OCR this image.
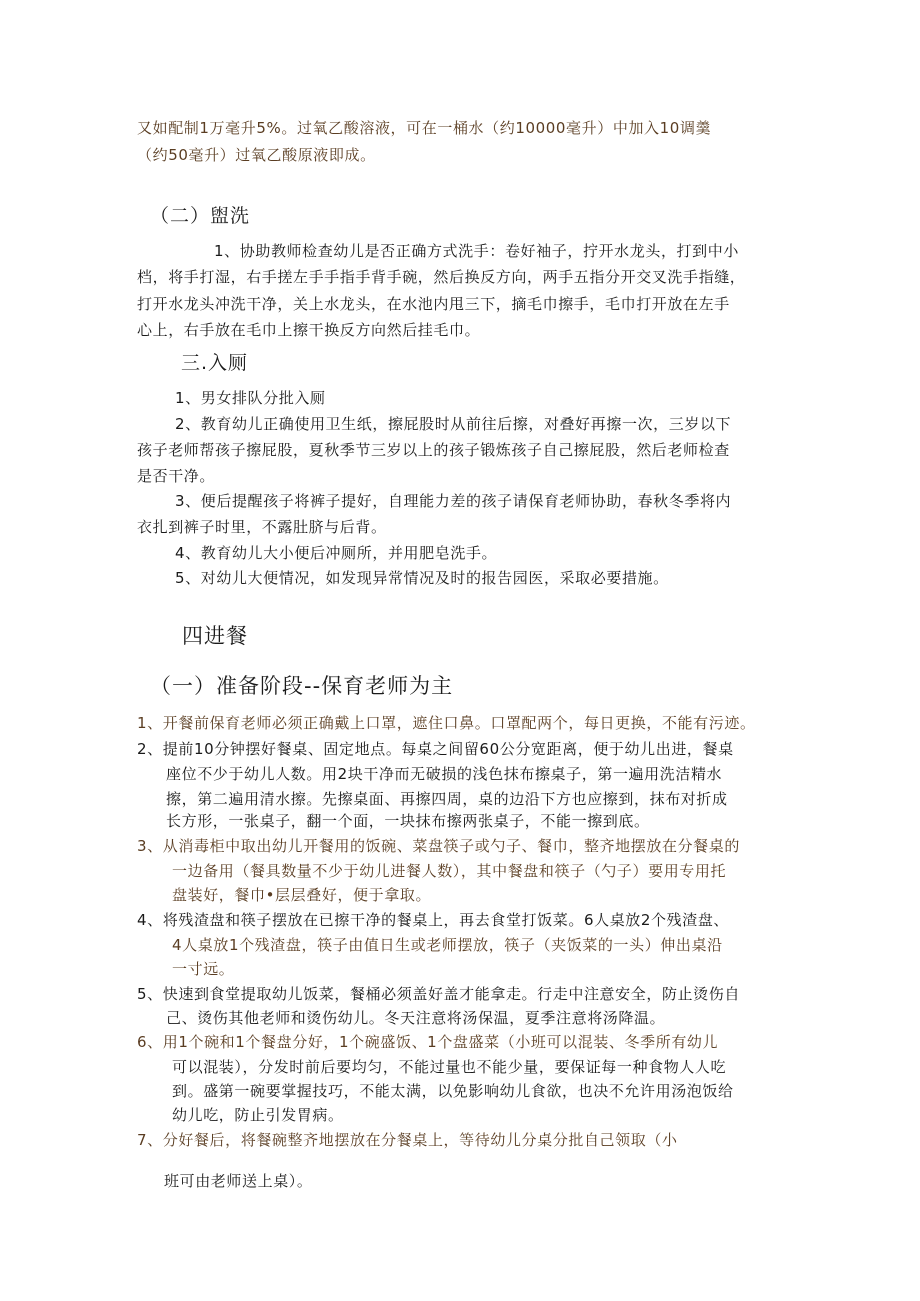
又如配制1万毫升5%。过氧乙酸溶液，可在一桶水（约10000毫升）中加入10调羹
（约50毫升）过氧乙酸原液即成。
（二）盥洗
1、协助教师检查幼儿是否正确方式洗手：卷好袖子，拧开水龙头，打到中小
档，将手打湿，右手搓左手手指手背手碗，然后换反方向，两手五指分开交叉洗手指缝，
打开水龙头冲洗干净，关上水龙头，在水池内甩三下，摘毛巾擦手，毛巾打开放在左手
心上，右手放在毛巾上擦干换反方向然后挂毛巾。
三.入厕
1、男女排队分批入厕
2、教育幼儿正确使用卫生纸，擦屁股时从前往后擦，对叠好再擦一次，三岁以下
孩子老师帮孩子擦屁股，夏秋季节三岁以上的孩子锻炼孩子自己擦屁股，然后老师检查
是否干净。
3、便后提醒孩子将裤子提好，自理能力差的孩子请保育老师协助，春秋冬季将内
衣扎到裤子时里，不露肚脐与后背。
4、教育幼儿大小便后冲厕所，并用肥皂洗手。
5、对幼儿大便情况，如发现异常情况及时的报告园医，采取必要措施。
四进餐
（一）准备阶段--保育老师为主
1、开餐前保育老师必须正确戴上口罩，遮住口鼻。口罩配两个，每日更换，不能有污迹。
2、提前10分钟摆好餐桌、固定地点。每桌之间留60公分宽距离，便于幼儿出进，餐桌
座位不少于幼儿人数。用2块干净而无破损的浅色抹布擦桌子，第一遍用洗洁精水
擦，第二遍用清水擦。先擦桌面、再擦四周，桌的边沿下方也应擦到，抹布对折成
长方形，一张桌子，翻一个面，一块抹布擦两张桌子，不能一擦到底。
3、从消毒柜中取出幼儿开餐用的饭碗、菜盘筷子或勺子、餐巾，整齐地摆放在分餐桌的
一边备用（餐具数量不少于幼儿进餐人数），其中餐盘和筷子（勺子）要用专用托
盘装好，餐巾•层层叠好，便于拿取。
4、将残渣盘和筷子摆放在已擦干净的餐桌上，再去食堂打饭菜。6人桌放2个残渣盘、
4人桌放1个残渣盘，筷子由值日生或老师摆放，筷子（夹饭菜的一头）伸出桌沿
一寸远。
5、快速到食堂提取幼儿饭菜，餐桶必须盖好盖才能拿走。行走中注意安全，防止烫伤自
己、烫伤其他老师和烫伤幼儿。冬天注意将汤保温，夏季注意将汤降温。
6、用1个碗和1个餐盘分好，1个碗盛饭、1个盘盛菜（小班可以混装、冬季所有幼儿
可以混装），分发时前后要均匀，不能过量也不能少量，要保证每一种食物人人吃
到。盛第一碗要掌握技巧，不能太满，以免影响幼儿食欲，也决不允许用汤泡饭给
幼儿吃，防止引发胃病。
7、分好餐后，将餐碗整齐地摆放在分餐桌上，等待幼儿分桌分批自己领取（小
班可由老师送上桌）。
